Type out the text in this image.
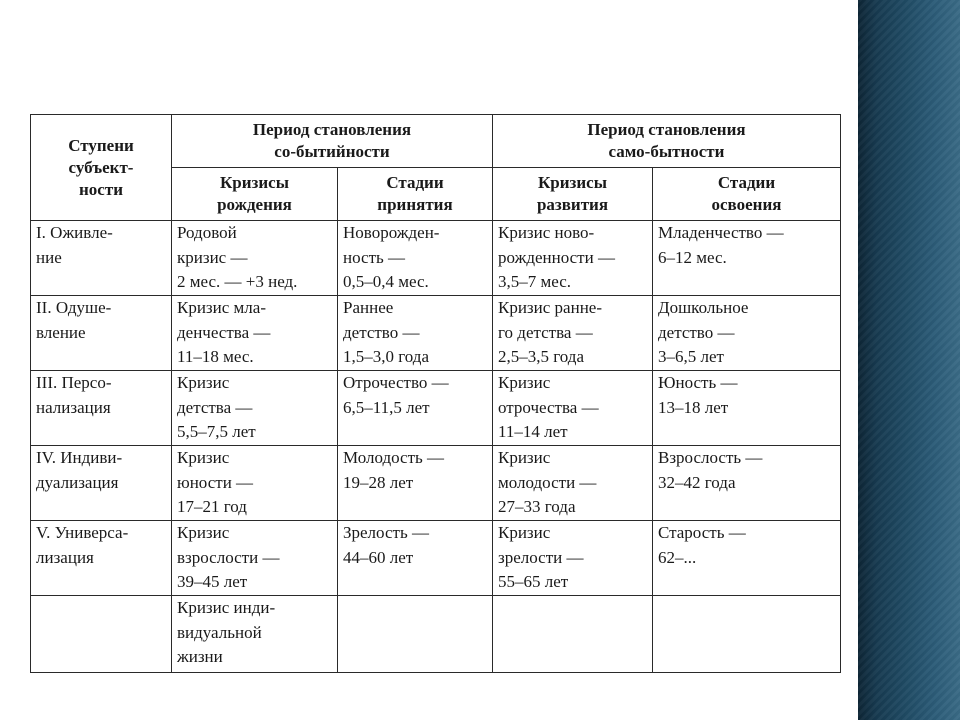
Ступени
субъект-
ности	Период становления
со-бытийности		Период становления
само-бытности	

	Кризисы
рождения	Стадии
принятия	Кризисы
развития	Стадии
освоения

I. Оживле-
ние	Родовой
кризис —
2 мес. — +3 нед.	Новорожден-
ность —
0,5–0,4 мес.	Кризис ново-
рожденности —
3,5–7 мес.	Младенчество —
6–12 мес.

II. Одуше-
вление	Кризис мла-
денчества —
11–18 мес.	Раннее
детство —
1,5–3,0 года	Кризис ранне-
го детства —
2,5–3,5 года	Дошкольное
детство —
3–6,5 лет

III. Персо-
нализация	Кризис
детства —
5,5–7,5 лет	Отрочество —
6,5–11,5 лет	Кризис
отрочества —
11–14 лет	Юность —
13–18 лет

IV. Индиви-
дуализация	Кризис
юности —
17–21 год	Молодость —
19–28 лет	Кризис
молодости —
27–33 года	Взрослость —
32–42 года

V. Универса-
лизация	Кризис
взрослости —
39–45 лет	Зрелость —
44–60 лет	Кризис
зрелости —
55–65 лет	Старость —
62–...

	Кризис инди-
видуальной
жизни			
